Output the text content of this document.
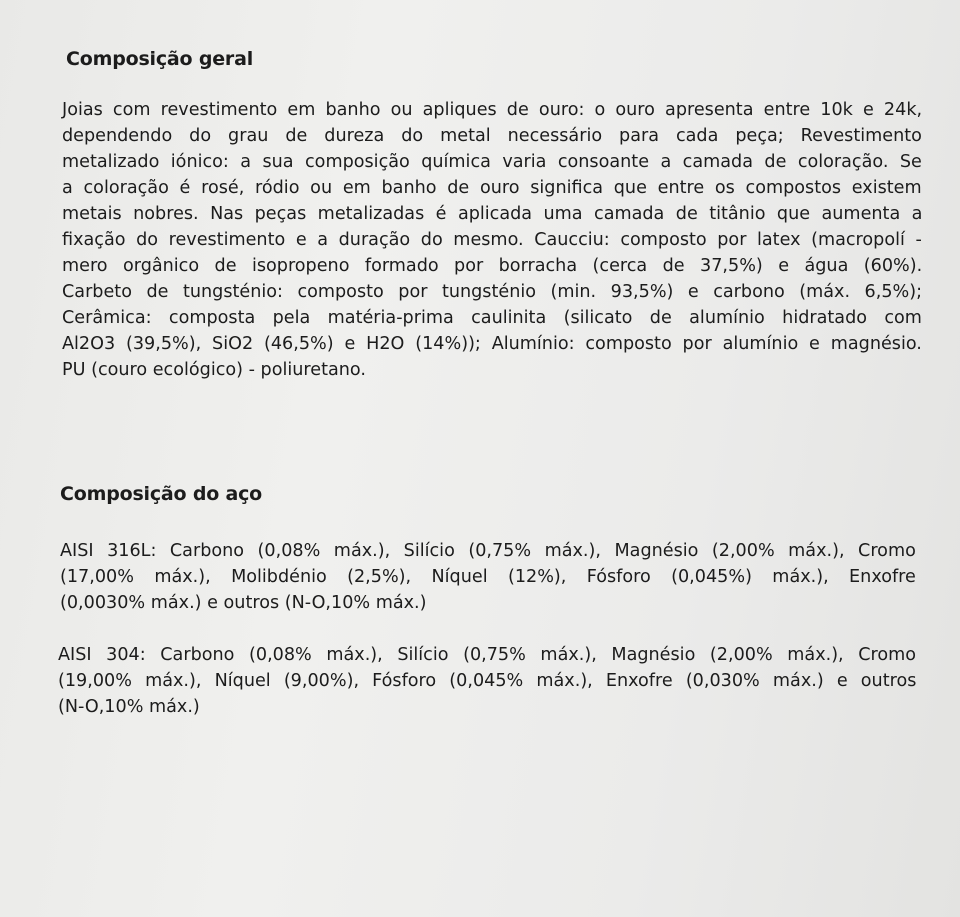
Composição geral

Joias com revestimento em banho ou apliques de ouro: o ouro apresenta entre 10k e 24k,
dependendo do grau de dureza do metal necessário para cada peça; Revestimento
metalizado iónico: a sua composição química varia consoante a camada de coloração. Se
a coloração é rosé, ródio ou em banho de ouro significa que entre os compostos existem
metais nobres. Nas peças metalizadas é aplicada uma camada de titânio que aumenta a
fixação do revestimento e a duração do mesmo. Caucciu: composto por latex (macropolí -
mero orgânico de isopropeno formado por borracha (cerca de 37,5%) e água (60%).
Carbeto de tungsténio: composto por tungsténio (min. 93,5%) e carbono (máx. 6,5%);
Cerâmica: composta pela matéria-prima caulinita (silicato de alumínio hidratado com
Al2O3 (39,5%), SiO2 (46,5%) e H2O (14%)); Alumínio: composto por alumínio e magnésio.
PU (couro ecológico) - poliuretano.

Composição do aço

AISI 316L: Carbono (0,08% máx.), Silício (0,75% máx.), Magnésio (2,00% máx.), Cromo
(17,00% máx.), Molibdénio (2,5%), Níquel (12%), Fósforo (0,045%) máx.), Enxofre
(0,0030% máx.) e outros (N-O,10% máx.)

AISI 304: Carbono (0,08% máx.), Silício (0,75% máx.), Magnésio (2,00% máx.), Cromo
(19,00% máx.), Níquel (9,00%), Fósforo (0,045% máx.), Enxofre (0,030% máx.) e outros
(N-O,10% máx.)
